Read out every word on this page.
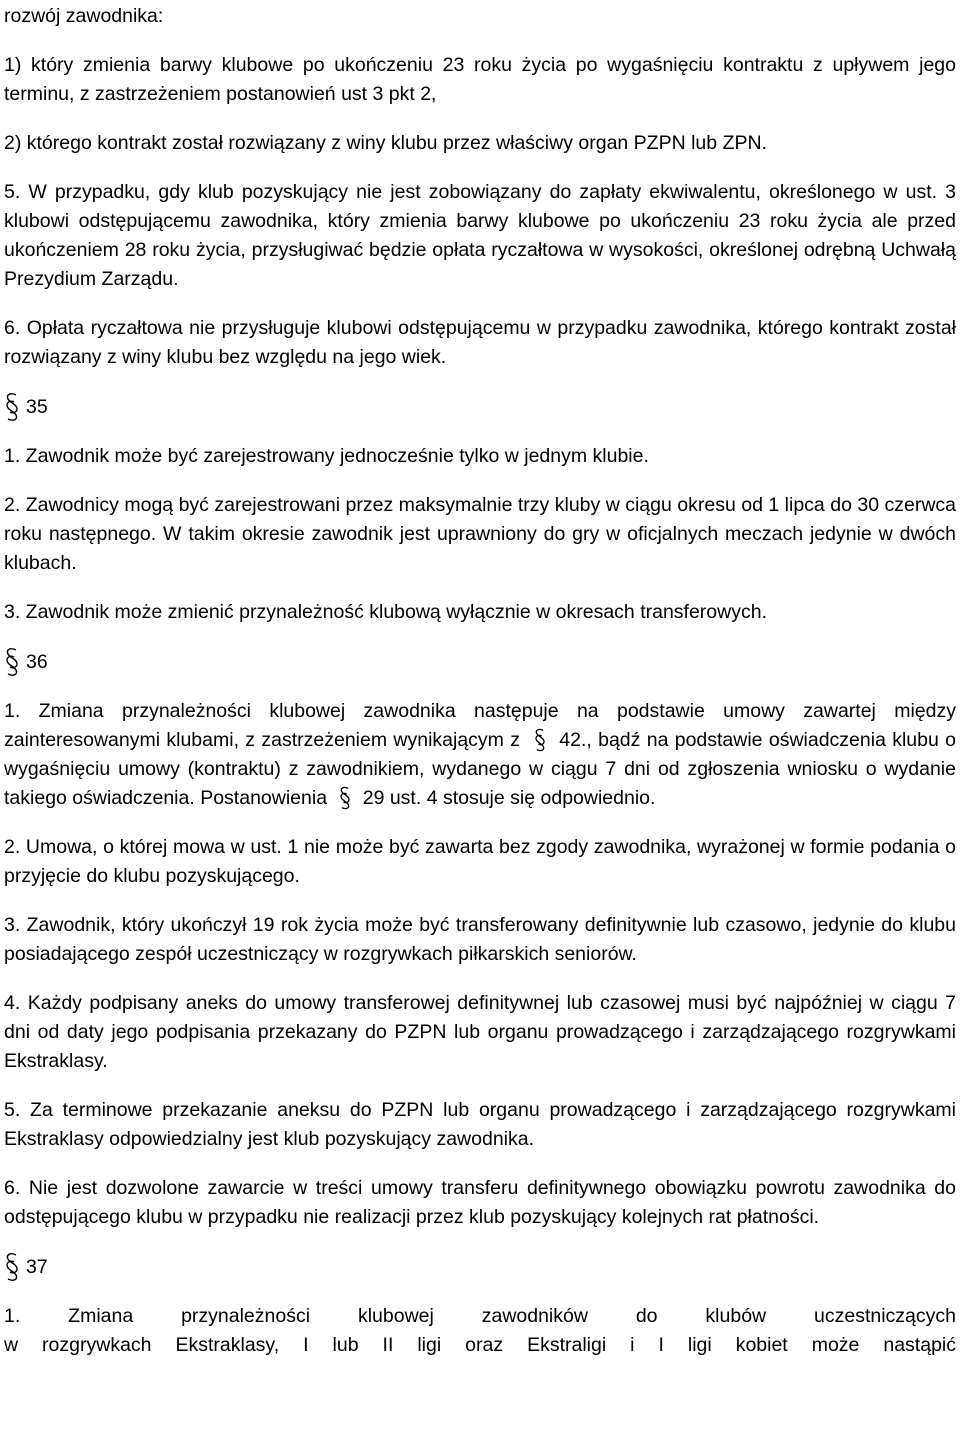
rozwój zawodnika:

1) który zmienia barwy klubowe po ukończeniu 23 roku życia po wygaśnięciu kontraktu z upływem jego terminu, z zastrzeżeniem postanowień ust 3 pkt 2,

2) którego kontrakt został rozwiązany z winy klubu przez właściwy organ PZPN lub ZPN.

5. W przypadku, gdy klub pozyskujący nie jest zobowiązany do zapłaty ekwiwalentu, określonego w ust. 3 klubowi odstępującemu zawodnika, który zmienia barwy klubowe po ukończeniu 23 roku życia ale przed ukończeniem 28 roku życia, przysługiwać będzie opłata ryczałtowa w wysokości, określonej odrębną Uchwałą Prezydium Zarządu.

6. Opłata ryczałtowa nie przysługuje klubowi odstępującemu w przypadku zawodnika, którego kontrakt został rozwiązany z winy klubu bez względu na jego wiek.

35

1. Zawodnik może być zarejestrowany jednocześnie tylko w jednym klubie.

2. Zawodnicy mogą być zarejestrowani przez maksymalnie trzy kluby w ciągu okresu od 1 lipca do 30 czerwca roku następnego. W takim okresie zawodnik jest uprawniony do gry w oficjalnych meczach jedynie w dwóch klubach.

3. Zawodnik może zmienić przynależność klubową wyłącznie w okresach transferowych.

36

1. Zmiana przynależności klubowej zawodnika następuje na podstawie umowy zawartej między zainteresowanymi klubami, z zastrzeżeniem wynikającym z 42., bądź na podstawie oświadczenia klubu o wygaśnięciu umowy (kontraktu) z zawodnikiem, wydanego w ciągu 7 dni od zgłoszenia wniosku o wydanie takiego oświadczenia. Postanowienia 29 ust. 4 stosuje się odpowiednio.

2. Umowa, o której mowa w ust. 1 nie może być zawarta bez zgody zawodnika, wyrażonej w formie podania o przyjęcie do klubu pozyskującego.

3. Zawodnik, który ukończył 19 rok życia może być transferowany definitywnie lub czasowo, jedynie do klubu posiadającego zespół uczestniczący w rozgrywkach piłkarskich seniorów.

4. Każdy podpisany aneks do umowy transferowej definitywnej lub czasowej musi być najpóźniej w ciągu 7 dni od daty jego podpisania przekazany do PZPN lub organu prowadzącego i zarządzającego rozgrywkami Ekstraklasy.

5. Za terminowe przekazanie aneksu do PZPN lub organu prowadzącego i zarządzającego rozgrywkami Ekstraklasy odpowiedzialny jest klub pozyskujący zawodnika.

6. Nie jest dozwolone zawarcie w treści umowy transferu definitywnego obowiązku powrotu zawodnika do odstępującego klubu w przypadku nie realizacji przez klub pozyskujący kolejnych rat płatności.

37

1. Zmiana przynależności klubowej zawodników do klubów uczestniczących

w rozgrywkach Ekstraklasy, I lub II ligi oraz Ekstraligi i I ligi kobiet może nastąpić
